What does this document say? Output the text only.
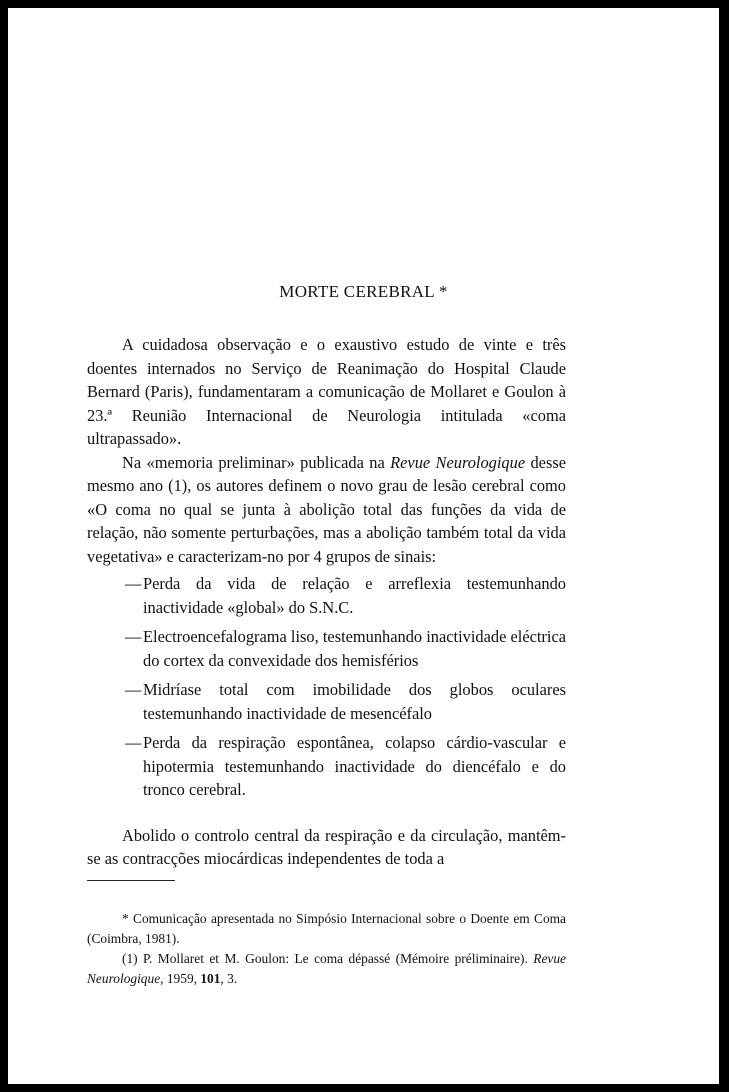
MORTE CEREBRAL *

A cuidadosa observação e o exaustivo estudo de vinte e três doentes internados no Serviço de Reanimação do Hospital Claude Bernard (Paris), fundamentaram a comunicação de Mollaret e Goulon à 23.ª Reunião Internacional de Neurologia intitulada «coma ultrapassado».

Na «memoria preliminar» publicada na Revue Neurologique desse mesmo ano (1), os autores definem o novo grau de lesão cerebral como «O coma no qual se junta à abolição total das funções da vida de relação, não somente perturbações, mas a abolição também total da vida vegetativa» e caracterizam-no por 4 grupos de sinais:

— Perda da vida de relação e arreflexia testemunhando inactividade «global» do S.N.C.
— Electroencefalograma liso, testemunhando inactividade eléctrica do cortex da convexidade dos hemisférios
— Midríase total com imobilidade dos globos oculares testemunhando inactividade de mesencéfalo
— Perda da respiração espontânea, colapso cárdio-vascular e hipotermia testemunhando inactividade do diencéfalo e do tronco cerebral.

Abolido o controlo central da respiração e da circulação, mantêm-se as contracções miocárdicas independentes de toda a

* Comunicação apresentada no Simpósio Internacional sobre o Doente em Coma (Coimbra, 1981).

(1) P. Mollaret et M. Goulon: Le coma dépassé (Mémoire préliminaire). Revue Neurologique, 1959, 101, 3.
